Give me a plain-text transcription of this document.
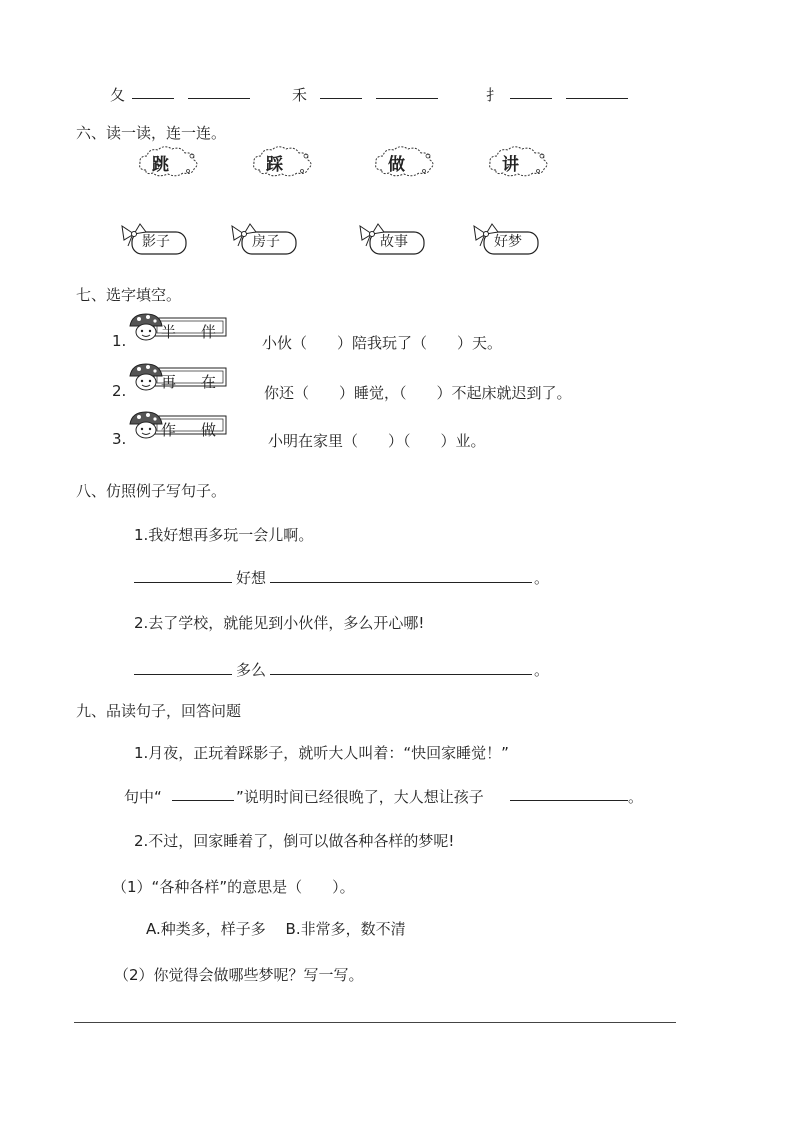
夂	禾	扌
六、读一读，连一连。
跳	踩	做	讲
影子	房子	故事	好梦
七、选字填空。
1. 半 伴
小伙（　　）陪我玩了（　　）天。
2. 再 在
你还（　　）睡觉，（　　）不起床就迟到了。
3. 作 做
小明在家里（　　）（　　）业。
八、仿照例子写句子。
1.我好想再多玩一会儿啊。
好想	。
2.去了学校，就能见到小伙伴，多么开心哪!
多么	。
九、品读句子，回答问题
1.月夜，正玩着踩影子，就听大人叫着：“快回家睡觉！”
句中“	”说明时间已经很晚了，大人想让孩子	。
2.不过，回家睡着了，倒可以做各种各样的梦呢!
（1）“各种各样”的意思是（　　）。
A.种类多，样子多　 B.非常多，数不清
（2）你觉得会做哪些梦呢？写一写。
